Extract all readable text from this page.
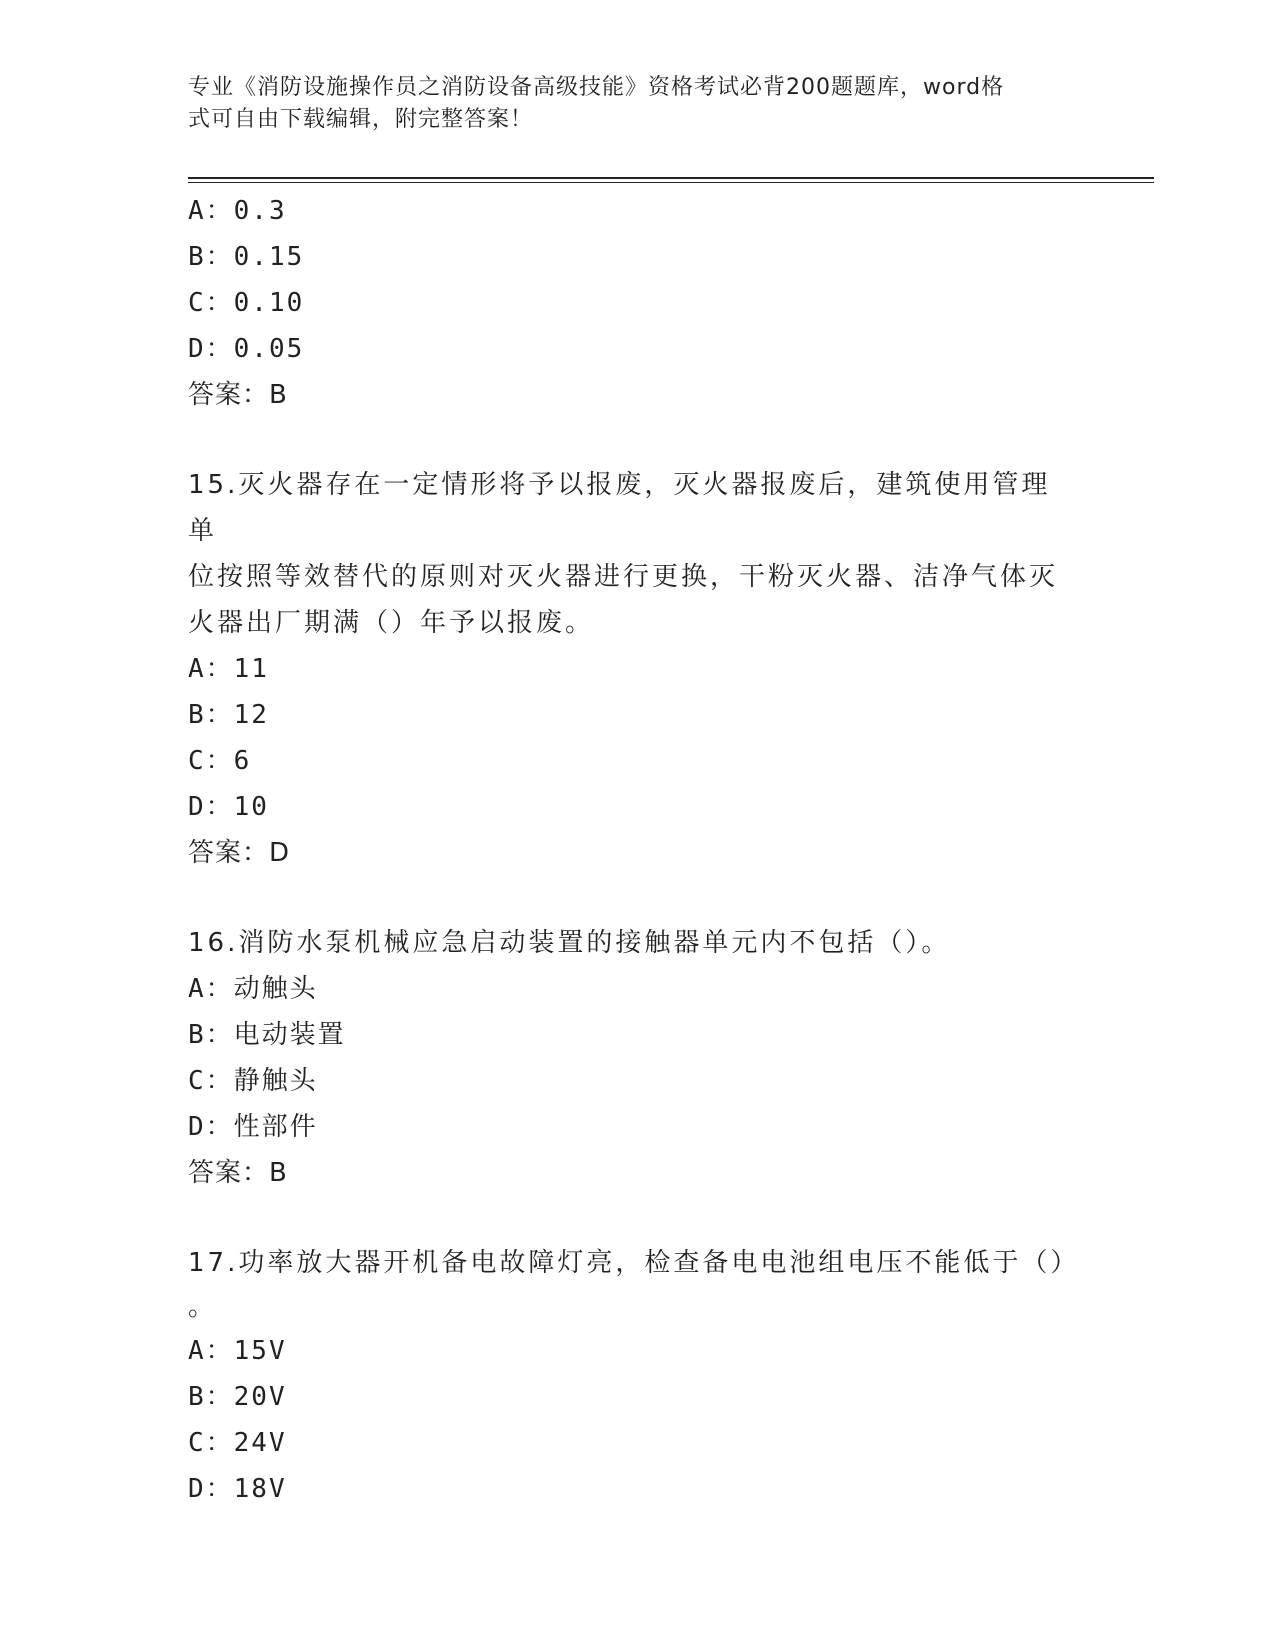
专业《消防设施操作员之消防设备高级技能》资格考试必背200题题库，word格
式可自由下载编辑，附完整答案！
A：0.3
B：0.15
C：0.10
D：0.05
答案：B
15.灭火器存在一定情形将予以报废，灭火器报废后，建筑使用管理单
位按照等效替代的原则对灭火器进行更换，干粉灭火器、洁净气体灭
火器出厂期满（）年予以报废。
A：11
B：12
C：6
D：10
答案：D
16.消防水泵机械应急启动装置的接触器单元内不包括（）。
A：动触头
B：电动装置
C：静触头
D：性部件
答案：B
17.功率放大器开机备电故障灯亮，检查备电电池组电压不能低于（）
。
A：15V
B：20V
C：24V
D：18V
